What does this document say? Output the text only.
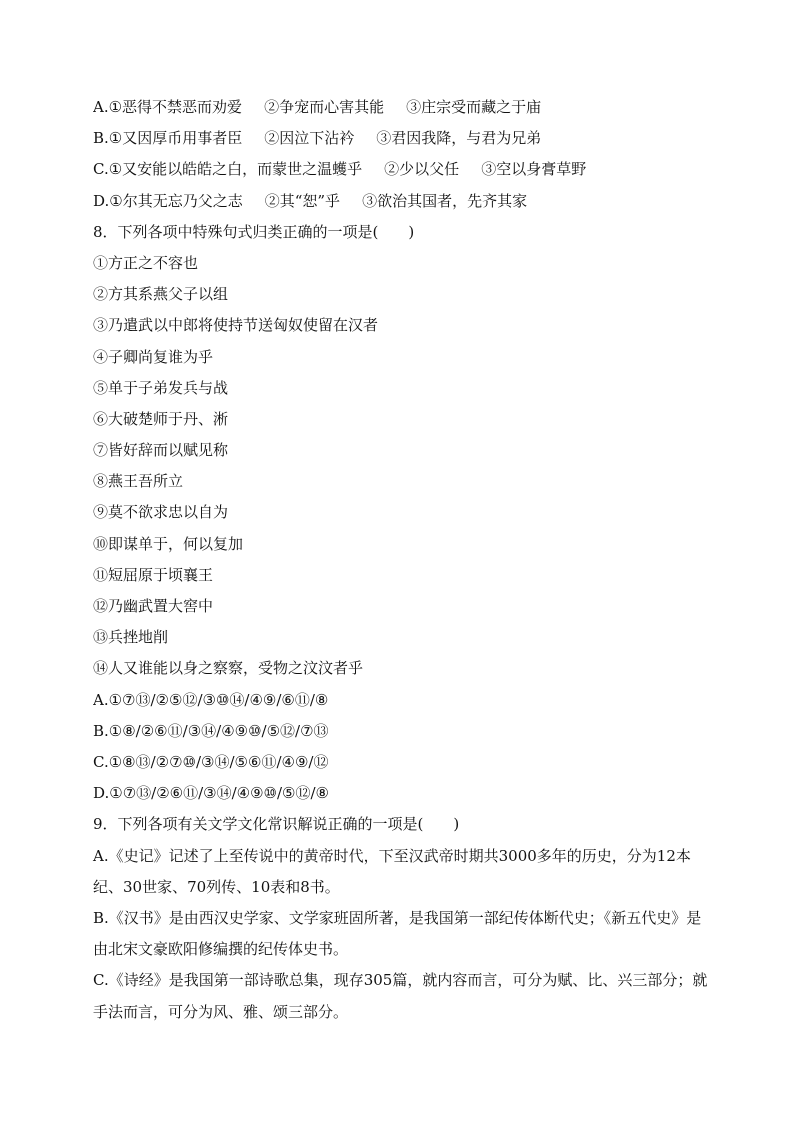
A.①恶得不禁恶而劝爱 ②争宠而心害其能 ③庄宗受而藏之于庙
B.①又因厚币用事者臣 ②因泣下沾衿 ③君因我降，与君为兄弟
C.①又安能以皓皓之白，而蒙世之温蠖乎 ②少以父任 ③空以身膏草野
D.①尔其无忘乃父之志 ②其“恕”乎 ③欲治其国者，先齐其家
8．下列各项中特殊句式归类正确的一项是(　　)
①方正之不容也
②方其系燕父子以组
③乃遣武以中郎将使持节送匈奴使留在汉者
④子卿尚复谁为乎
⑤单于子弟发兵与战
⑥大破楚师于丹、淅
⑦皆好辞而以赋见称
⑧燕王吾所立
⑨莫不欲求忠以自为
⑩即谋单于，何以复加
⑪短屈原于顷襄王
⑫乃幽武置大窖中
⑬兵挫地削
⑭人又谁能以身之察察，受物之汶汶者乎
A.①⑦⑬/②⑤⑫/③⑩⑭/④⑨/⑥⑪/⑧
B.①⑧/②⑥⑪/③⑭/④⑨⑩/⑤⑫/⑦⑬
C.①⑧⑬/②⑦⑩/③⑭/⑤⑥⑪/④⑨/⑫
D.①⑦⑬/②⑥⑪/③⑭/④⑨⑩/⑤⑫/⑧
9．下列各项有关文学文化常识解说正确的一项是(　　)
A.《史记》记述了上至传说中的黄帝时代，下至汉武帝时期共3000多年的历史，分为12本纪、30世家、70列传、10表和8书。
B.《汉书》是由西汉史学家、文学家班固所著，是我国第一部纪传体断代史；《新五代史》是由北宋文豪欧阳修编撰的纪传体史书。
C.《诗经》是我国第一部诗歌总集，现存305篇，就内容而言，可分为赋、比、兴三部分；就手法而言，可分为风、雅、颂三部分。
